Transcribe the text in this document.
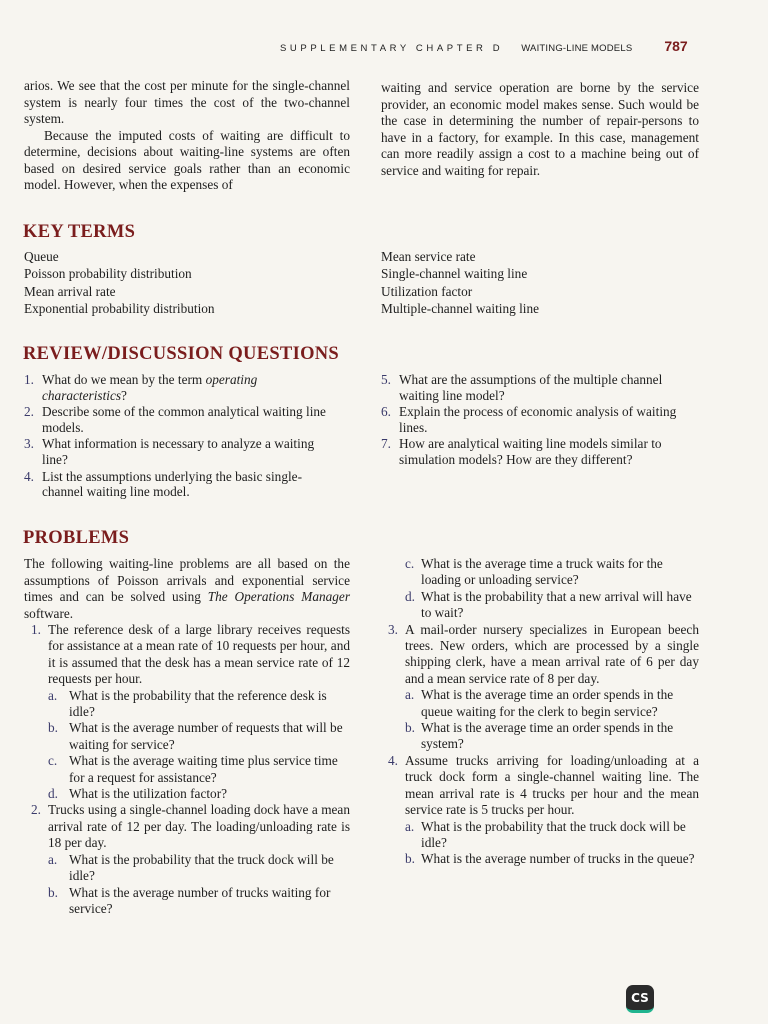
SUPPLEMENTARY CHAPTER D WAITING-LINE MODELS 787

arios. We see that the cost per minute for the single-channel system is nearly four times the cost of the two-channel system.

Because the imputed costs of waiting are difficult to determine, decisions about waiting-line systems are often based on desired service goals rather than an economic model. However, when the expenses of

waiting and service operation are borne by the service provider, an economic model makes sense. Such would be the case in determining the number of repair-persons to have in a factory, for example. In this case, management can more readily assign a cost to a machine being out of service and waiting for repair.

KEY TERMS
Queue
Poisson probability distribution
Mean arrival rate
Exponential probability distribution
Mean service rate
Single-channel waiting line
Utilization factor
Multiple-channel waiting line
REVIEW/DISCUSSION QUESTIONS
1. What do we mean by the term operating characteristics?
2. Describe some of the common analytical waiting line models.
3. What information is necessary to analyze a waiting line?
4. List the assumptions underlying the basic single-channel waiting line model.
5. What are the assumptions of the multiple channel waiting line model?
6. Explain the process of economic analysis of waiting lines.
7. How are analytical waiting line models similar to simulation models? How are they different?
PROBLEMS

The following waiting-line problems are all based on the assumptions of Poisson arrivals and exponential service times and can be solved using The Operations Manager software.

1. The reference desk of a large library receives requests for assistance at a mean rate of 10 requests per hour, and it is assumed that the desk has a mean service rate of 12 requests per hour.

a. What is the probability that the reference desk is idle?
b. What is the average number of requests that will be waiting for service?
c. What is the average waiting time plus service time for a request for assistance?
d. What is the utilization factor?
2. Trucks using a single-channel loading dock have a mean arrival rate of 12 per day. The loading/unloading rate is 18 per day.

a. What is the probability that the truck dock will be idle?
b. What is the average number of trucks waiting for service?
c. What is the average time a truck waits for the loading or unloading service?
d. What is the probability that a new arrival will have to wait?
3. A mail-order nursery specializes in European beech trees. New orders, which are processed by a single shipping clerk, have a mean arrival rate of 6 per day and a mean service rate of 8 per day.

a. What is the average time an order spends in the queue waiting for the clerk to begin service?
b. What is the average time an order spends in the system?
4. Assume trucks arriving for loading/unloading at a truck dock form a single-channel waiting line. The mean arrival rate is 4 trucks per hour and the mean service rate is 5 trucks per hour.

a. What is the probability that the truck dock will be idle?
b. What is the average number of trucks in the queue?
CS
